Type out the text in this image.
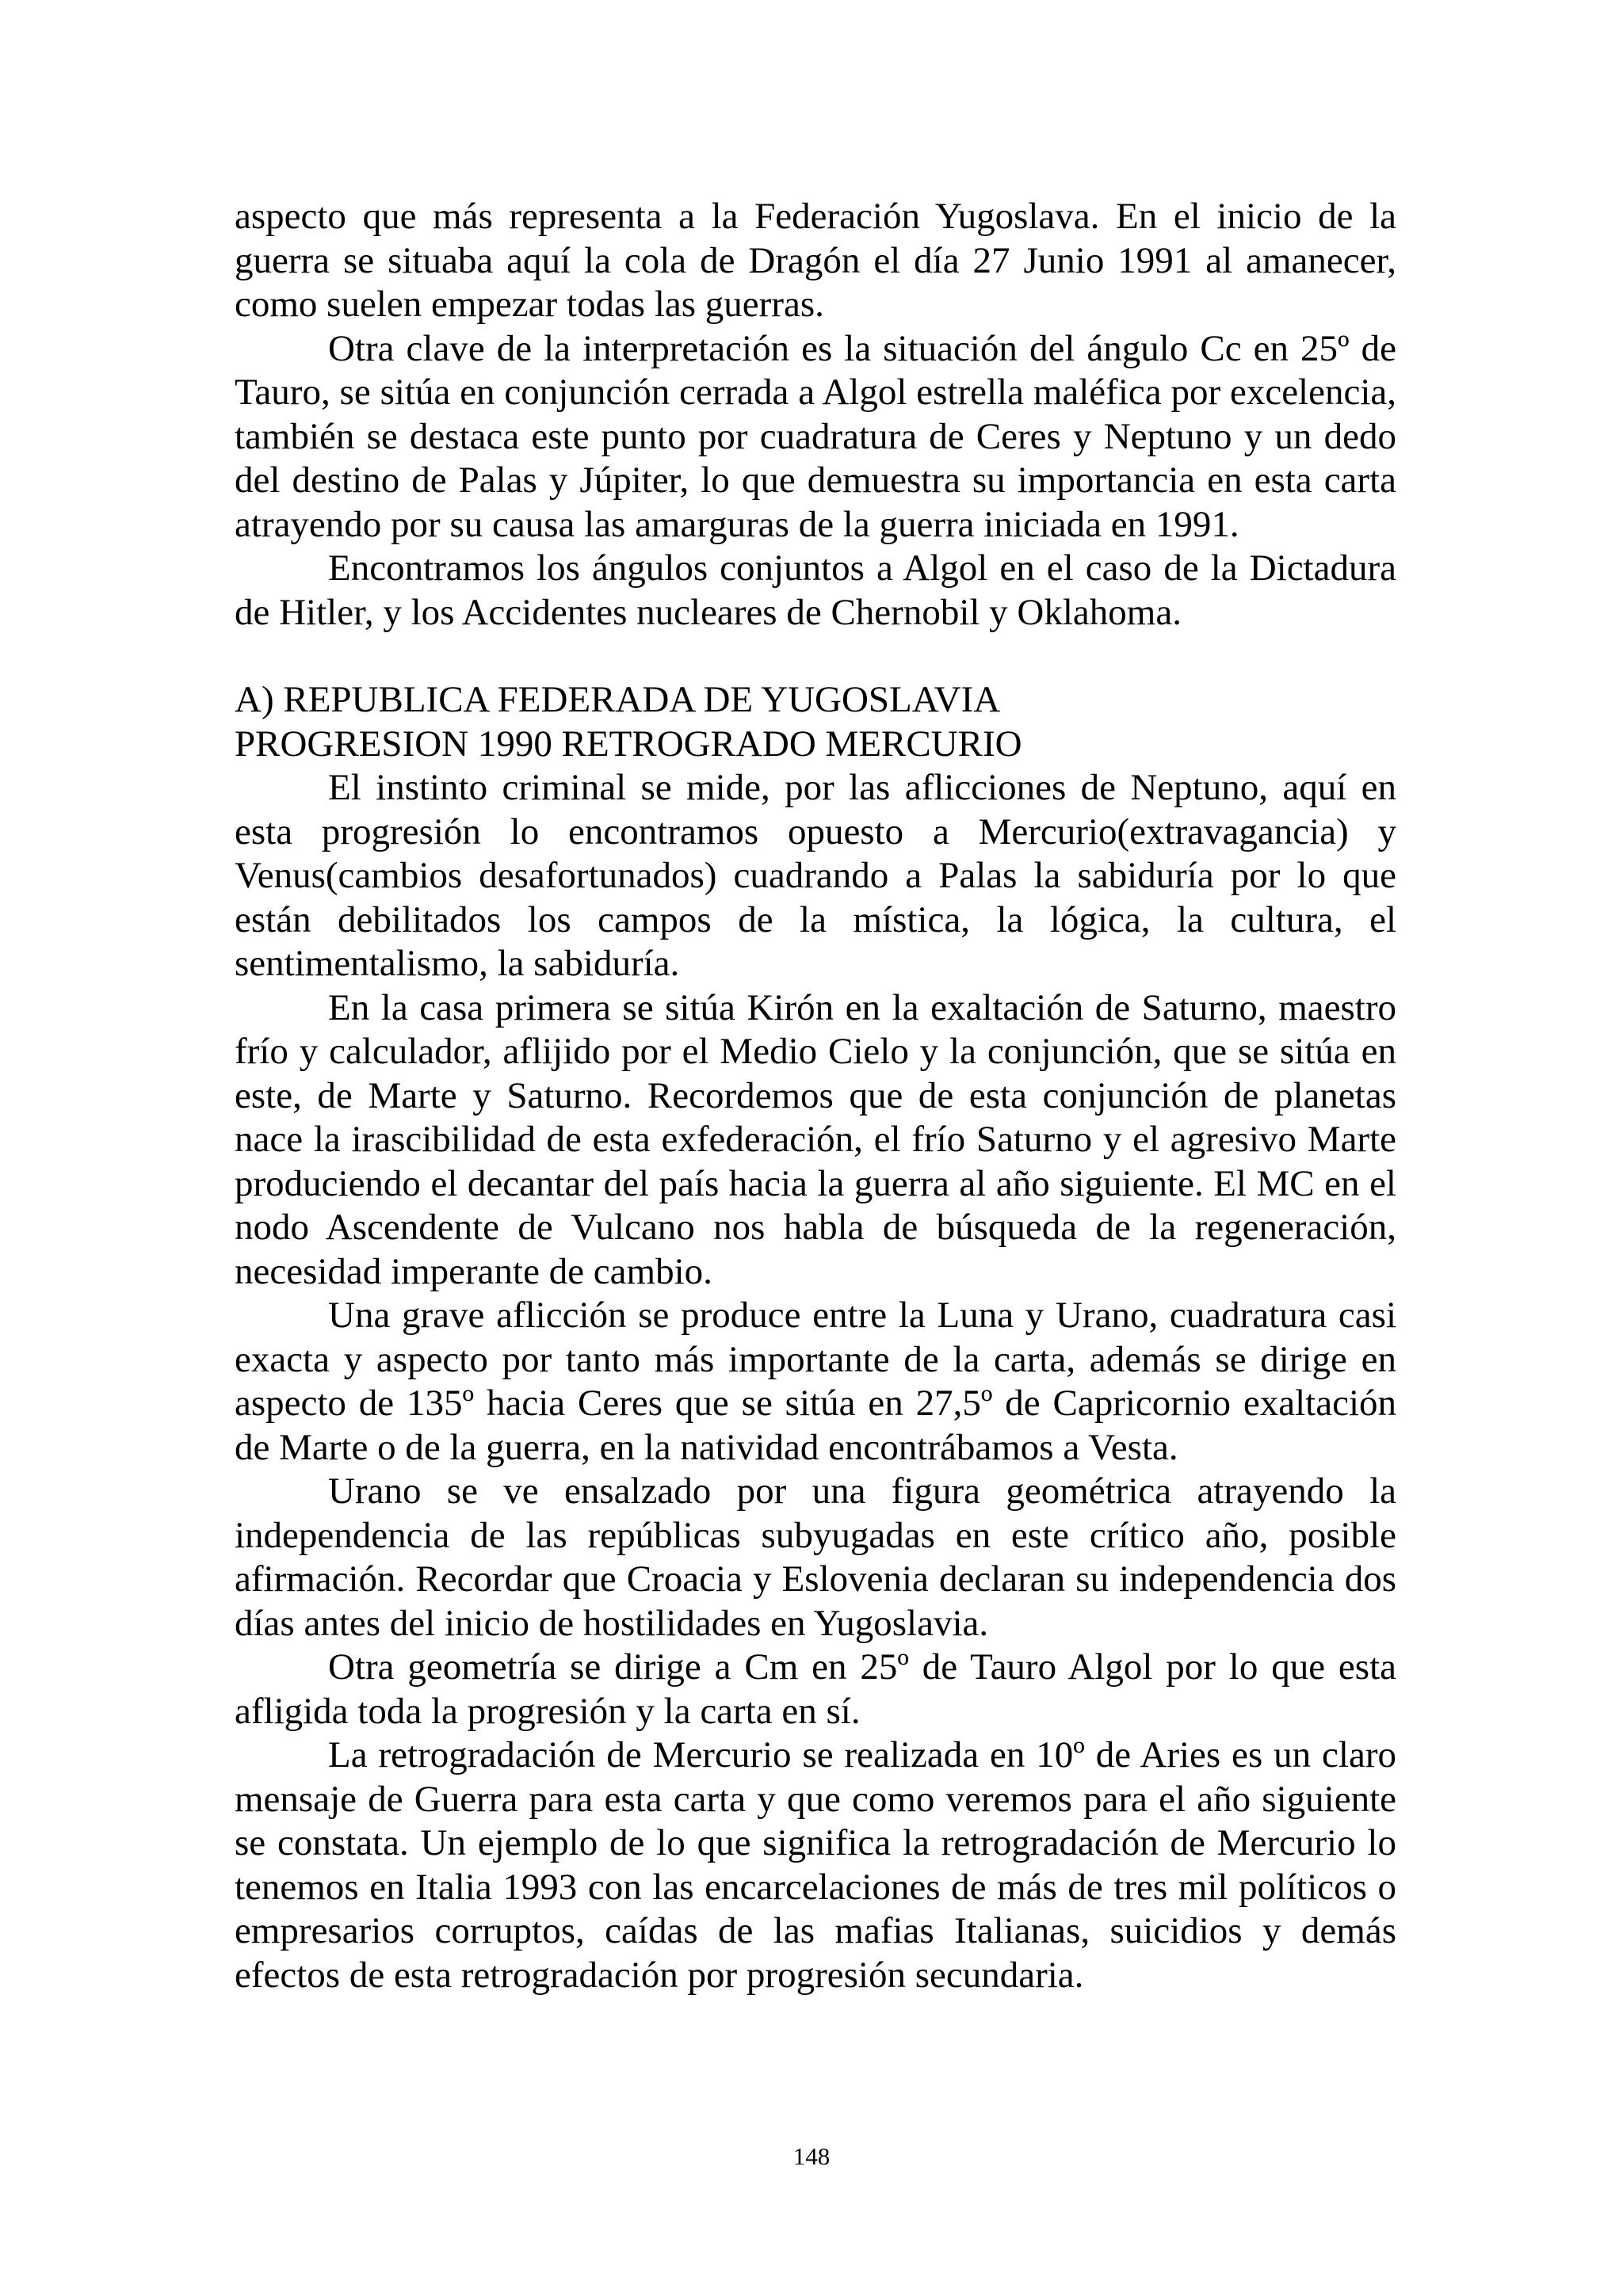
aspecto que más representa a la Federación Yugoslava. En el inicio de la guerra se situaba aquí la cola de Dragón el día 27 Junio 1991 al amanecer, como suelen empezar todas las guerras.

Otra clave de la interpretación es la situación del ángulo Cc en 25º de Tauro, se sitúa en conjunción cerrada a Algol estrella maléfica por excelencia, también se destaca este punto por cuadratura de Ceres y Neptuno y un dedo del destino de Palas y Júpiter, lo que demuestra su importancia en esta carta atrayendo por su causa las amarguras de la guerra iniciada en 1991.

Encontramos los ángulos conjuntos a Algol en el caso de la Dictadura de Hitler, y los Accidentes nucleares de Chernobil y Oklahoma.

A) REPUBLICA FEDERADA DE YUGOSLAVIA

PROGRESION 1990 RETROGRADO MERCURIO

El instinto criminal se mide, por las aflicciones de Neptuno, aquí en esta progresión lo encontramos opuesto a Mercurio(extravagancia) y Venus(cambios desafortunados) cuadrando a Palas la sabiduría por lo que están debilitados los campos de la mística, la lógica, la cultura, el sentimentalismo, la sabiduría.

En la casa primera se sitúa Kirón en la exaltación de Saturno, maestro frío y calculador, aflijido por el Medio Cielo y la conjunción, que se sitúa en este, de Marte y Saturno. Recordemos que de esta conjunción de planetas nace la irascibilidad de esta exfederación, el frío Saturno y el agresivo Marte produciendo el decantar del país hacia la guerra al año siguiente. El MC en el nodo Ascendente de Vulcano nos habla de búsqueda de la regeneración, necesidad imperante de cambio.

Una grave aflicción se produce entre la Luna y Urano, cuadratura casi exacta y aspecto por tanto más importante de la carta, además se dirige en aspecto de 135º hacia Ceres que se sitúa en 27,5º de Capricornio exaltación de Marte o de la guerra, en la natividad encontrábamos a Vesta.

Urano se ve ensalzado por una figura geométrica atrayendo la independencia de las repúblicas subyugadas en este crítico año, posible afirmación. Recordar que Croacia y Eslovenia declaran su independencia dos días antes del inicio de hostilidades en Yugoslavia.

Otra geometría se dirige a Cm en 25º de Tauro Algol por lo que esta afligida toda la progresión y la carta en sí.

La retrogradación de Mercurio se realizada en 10º de Aries es un claro mensaje de Guerra para esta carta y que como veremos para el año siguiente se constata. Un ejemplo de lo que significa la retrogradación de Mercurio lo tenemos en Italia 1993 con las encarcelaciones de más de tres mil políticos o empresarios corruptos, caídas de las mafias Italianas, suicidios y demás efectos de esta retrogradación por progresión secundaria.

148
